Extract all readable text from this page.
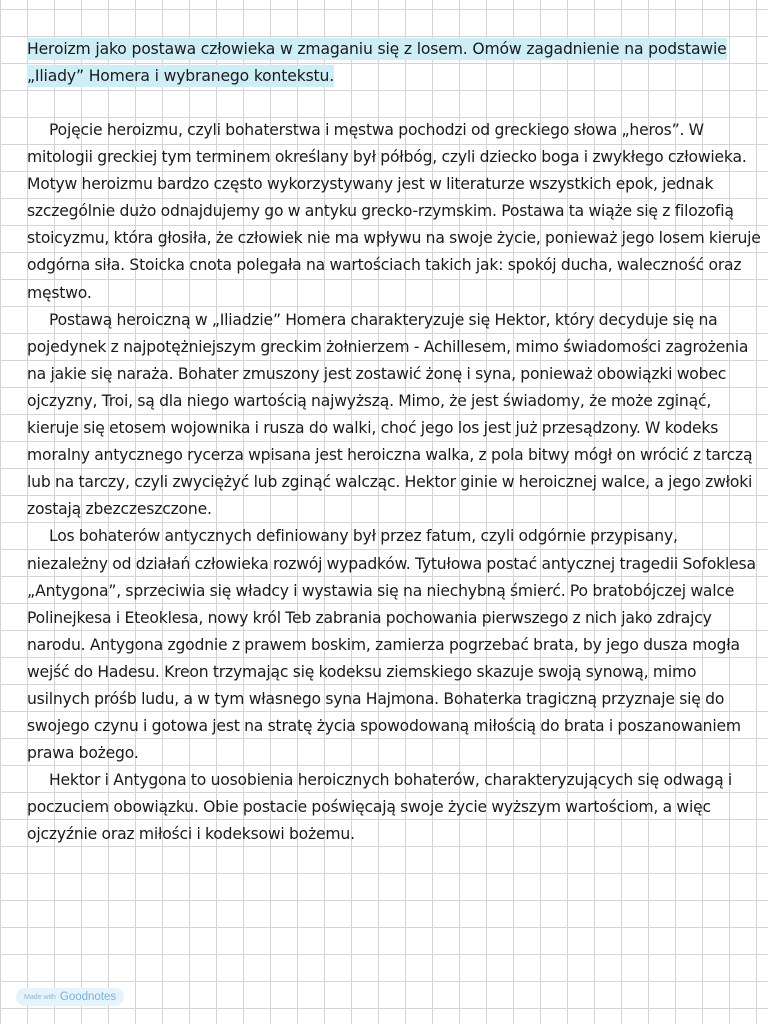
Heroizm jako postawa człowieka w zmaganiu się z losem. Omów zagadnienie na podstawie „Iliady” Homera i wybranego kontekstu.

Pojęcie heroizmu, czyli bohaterstwa i męstwa pochodzi od greckiego słowa „heros”. W mitologii greckiej tym terminem określany był półbóg, czyli dziecko boga i zwykłego człowieka. Motyw heroizmu bardzo często wykorzystywany jest w literaturze wszystkich epok, jednak szczególnie dużo odnajdujemy go w antyku grecko-rzymskim. Postawa ta wiąże się z filozofią stoicyzmu, która głosiła, że człowiek nie ma wpływu na swoje życie, ponieważ jego losem kieruje odgórna siła. Stoicka cnota polegała na wartościach takich jak: spokój ducha, waleczność oraz męstwo.

Postawą heroiczną w „Iliadzie” Homera charakteryzuje się Hektor, który decyduje się na pojedynek z najpotężniejszym greckim żołnierzem - Achillesem, mimo świadomości zagrożenia na jakie się naraża. Bohater zmuszony jest zostawić żonę i syna, ponieważ obowiązki wobec ojczyzny, Troi, są dla niego wartością najwyższą. Mimo, że jest świadomy, że może zginąć, kieruje się etosem wojownika i rusza do walki, choć jego los jest już przesądzony. W kodeks moralny antycznego rycerza wpisana jest heroiczna walka, z pola bitwy mógł on wrócić z tarczą lub na tarczy, czyli zwyciężyć lub zginąć walcząc. Hektor ginie w heroicznej walce, a jego zwłoki zostają zbezczeszczone.

Los bohaterów antycznych definiowany był przez fatum, czyli odgórnie przypisany, niezależny od działań człowieka rozwój wypadków. Tytułowa postać antycznej tragedii Sofoklesa „Antygona”, sprzeciwia się władcy i wystawia się na niechybną śmierć. Po bratobójczej walce Polinejkesa i Eteoklesa, nowy król Teb zabrania pochowania pierwszego z nich jako zdrajcy narodu. Antygona zgodnie z prawem boskim, zamierza pogrzebać brata, by jego dusza mogła wejść do Hadesu. Kreon trzymając się kodeksu ziemskiego skazuje swoją synową, mimo usilnych próśb ludu, a w tym własnego syna Hajmona. Bohaterka tragiczną przyznaje się do swojego czynu i gotowa jest na stratę życia spowodowaną miłością do brata i poszanowaniem prawa bożego.

Hektor i Antygona to uosobienia heroicznych bohaterów, charakteryzujących się odwagą i poczuciem obowiązku. Obie postacie poświęcają swoje życie wyższym wartościom, a więc ojczyźnie oraz miłości i kodeksowi bożemu.

Made with Goodnotes
